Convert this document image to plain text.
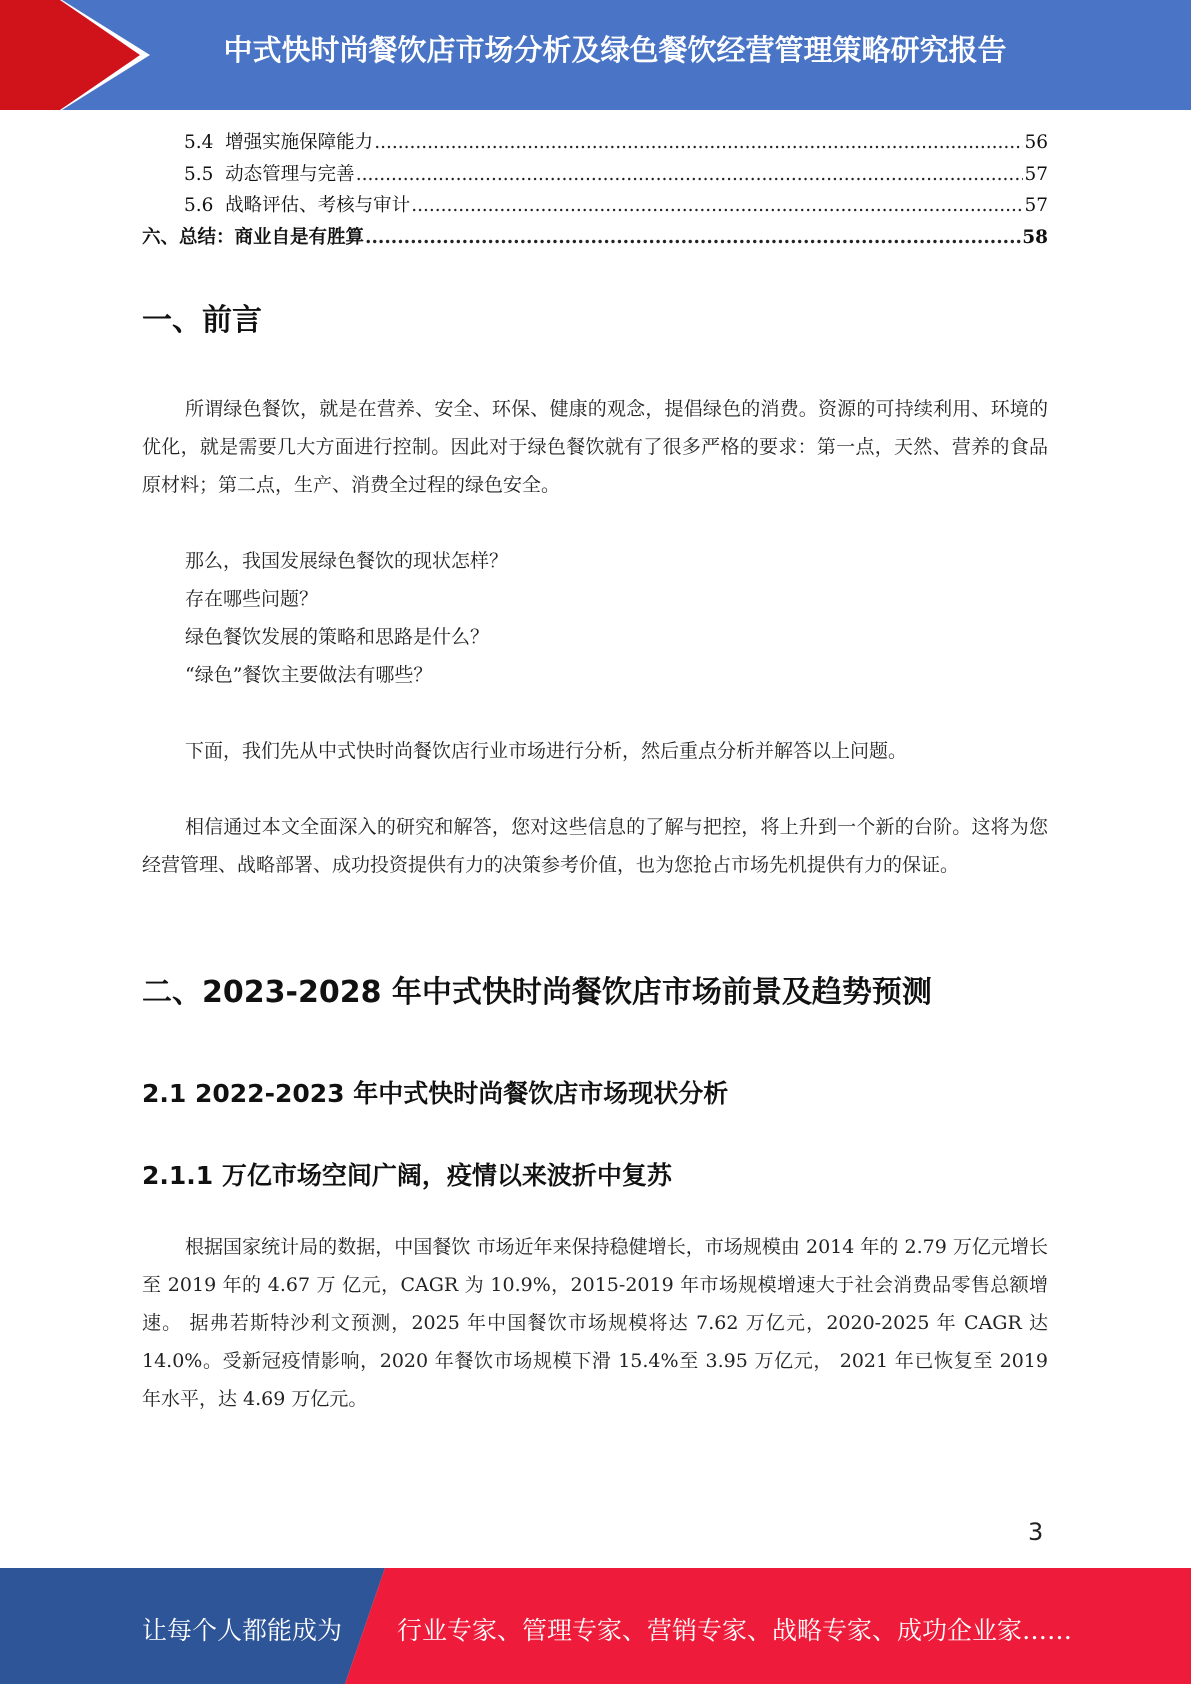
中式快时尚餐饮店市场分析及绿色餐饮经营管理策略研究报告
5.4  增强实施保障能力 .....	56
5.5  动态管理与完善 .....	57
5.6  战略评估、考核与审计 .....	57
六、总结：商业自是有胜算 .....	58
一、前言
所谓绿色餐饮，就是在营养、安全、环保、健康的观念，提倡绿色的消费。资源的可持续利用、环境的优化，就是需要几大方面进行控制。因此对于绿色餐饮就有了很多严格的要求：第一点，天然、营养的食品原材料；第二点，生产、消费全过程的绿色安全。
那么，我国发展绿色餐饮的现状怎样？
存在哪些问题？
绿色餐饮发展的策略和思路是什么？
“绿色”餐饮主要做法有哪些？
下面，我们先从中式快时尚餐饮店行业市场进行分析，然后重点分析并解答以上问题。
相信通过本文全面深入的研究和解答，您对这些信息的了解与把控，将上升到一个新的台阶。这将为您经营管理、战略部署、成功投资提供有力的决策参考价值，也为您抢占市场先机提供有力的保证。
二、2023-2028 年中式快时尚餐饮店市场前景及趋势预测
2.1 2022-2023 年中式快时尚餐饮店市场现状分析
2.1.1 万亿市场空间广阔，疫情以来波折中复苏
根据国家统计局的数据，中国餐饮 市场近年来保持稳健增长，市场规模由 2014 年的 2.79 万亿元增长至 2019 年的 4.67 万 亿元，CAGR 为 10.9%，2015-2019 年市场规模增速大于社会消费品零售总额增速。 据弗若斯特沙利文预测，2025 年中国餐饮市场规模将达 7.62 万亿元，2020-2025 年 CAGR 达 14.0%。受新冠疫情影响，2020 年餐饮市场规模下滑 15.4%至 3.95 万亿元， 2021 年已恢复至 2019 年水平，达 4.69 万亿元。
3
让每个人都能成为 行业专家、管理专家、营销专家、战略专家、成功企业家……
